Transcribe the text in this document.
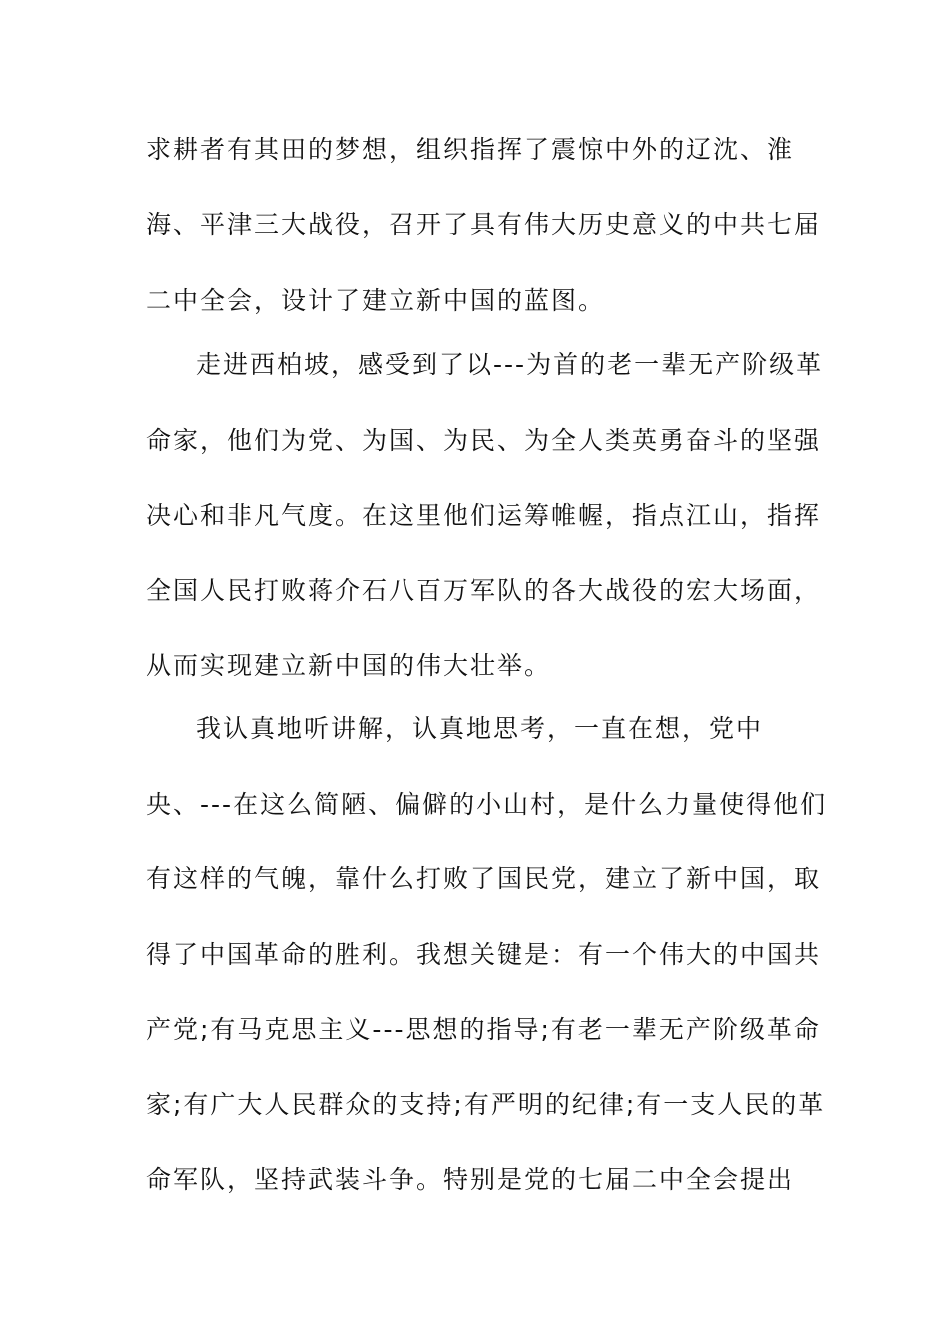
求耕者有其田的梦想，组织指挥了震惊中外的辽沈、淮
海、平津三大战役，召开了具有伟大历史意义的中共七届
二中全会，设计了建立新中国的蓝图。
走进西柏坡，感受到了以---为首的老一辈无产阶级革
命家，他们为党、为国、为民、为全人类英勇奋斗的坚强
决心和非凡气度。在这里他们运筹帷幄，指点江山，指挥
全国人民打败蒋介石八百万军队的各大战役的宏大场面，
从而实现建立新中国的伟大壮举。
我认真地听讲解，认真地思考，一直在想，党中
央、---在这么简陋、偏僻的小山村，是什么力量使得他们
有这样的气魄，靠什么打败了国民党，建立了新中国，取
得了中国革命的胜利。我想关键是：有一个伟大的中国共
产党;有马克思主义---思想的指导;有老一辈无产阶级革命
家;有广大人民群众的支持;有严明的纪律;有一支人民的革
命军队，坚持武装斗争。特别是党的七届二中全会提出
